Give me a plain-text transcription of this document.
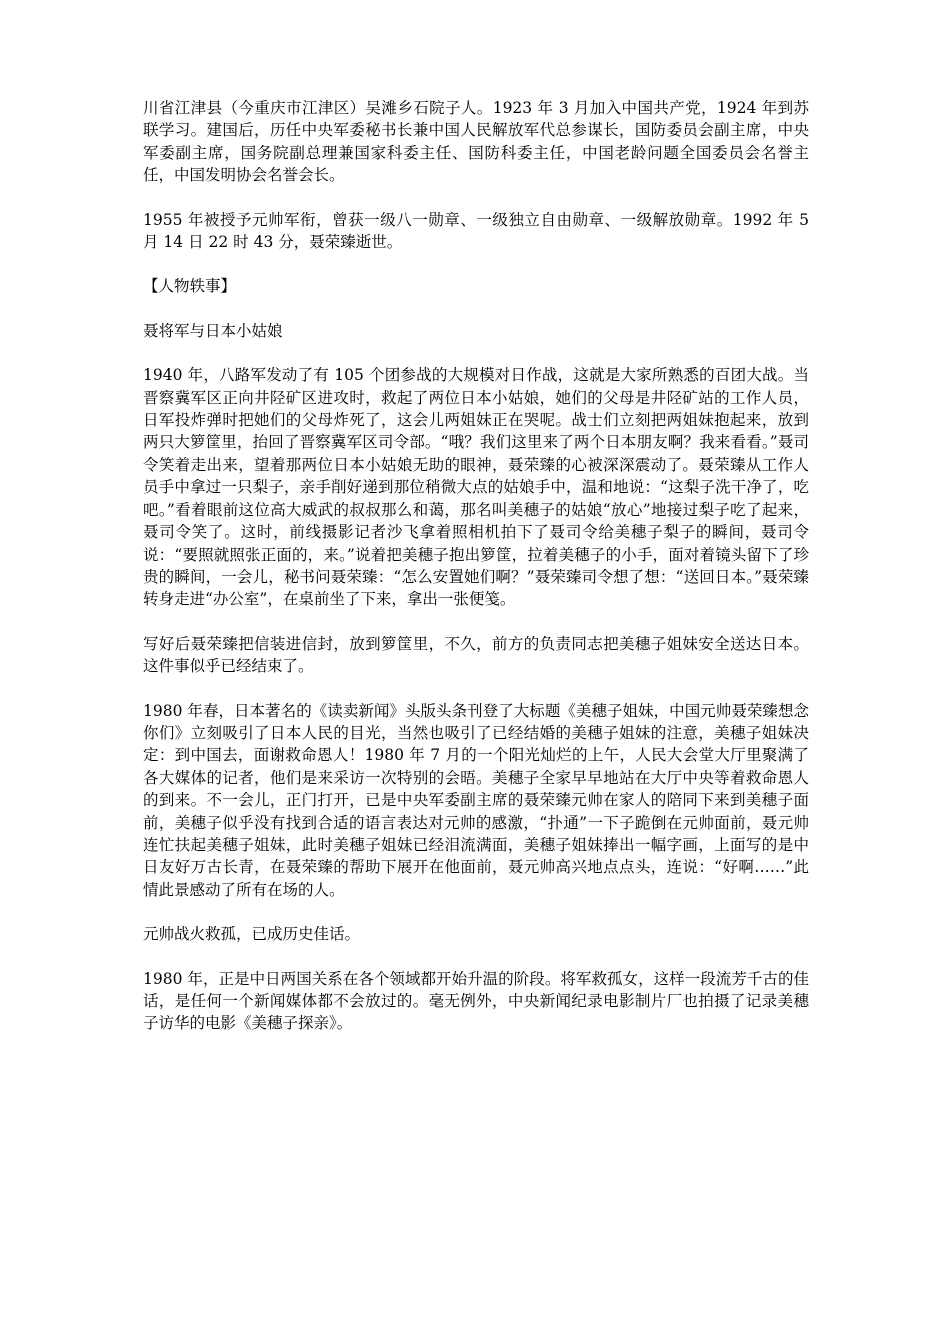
川省江津县（今重庆市江津区）吴滩乡石院子人。1923 年 3 月加入中国共产党，1924 年到苏联学习。建国后，历任中央军委秘书长兼中国人民解放军代总参谋长，国防委员会副主席，中央军委副主席，国务院副总理兼国家科委主任、国防科委主任，中国老龄问题全国委员会名誉主任，中国发明协会名誉会长。

1955 年被授予元帅军衔，曾获一级八一勋章、一级独立自由勋章、一级解放勋章。1992 年 5 月 14 日 22 时 43 分，聂荣臻逝世。

【人物轶事】

聂将军与日本小姑娘

1940 年，八路军发动了有 105 个团参战的大规模对日作战，这就是大家所熟悉的百团大战。当晋察冀军区正向井陉矿区进攻时，救起了两位日本小姑娘，她们的父母是井陉矿站的工作人员，日军投炸弹时把她们的父母炸死了，这会儿两姐妹正在哭呢。战士们立刻把两姐妹抱起来，放到两只大箩筐里，抬回了晋察冀军区司令部。“哦？我们这里来了两个日本朋友啊？我来看看。”聂司令笑着走出来，望着那两位日本小姑娘无助的眼神，聂荣臻的心被深深震动了。聂荣臻从工作人员手中拿过一只梨子，亲手削好递到那位稍微大点的姑娘手中，温和地说：“这梨子洗干净了，吃吧。”看着眼前这位高大威武的叔叔那么和蔼，那名叫美穗子的姑娘“放心”地接过梨子吃了起来，聂司令笑了。这时，前线摄影记者沙飞拿着照相机拍下了聂司令给美穗子梨子的瞬间，聂司令说：“要照就照张正面的，来。”说着把美穗子抱出箩筐，拉着美穗子的小手，面对着镜头留下了珍贵的瞬间，一会儿，秘书问聂荣臻：“怎么安置她们啊？”聂荣臻司令想了想：“送回日本。”聂荣臻转身走进“办公室”，在桌前坐了下来，拿出一张便笺。

写好后聂荣臻把信装进信封，放到箩筐里，不久，前方的负责同志把美穗子姐妹安全送达日本。这件事似乎已经结束了。

1980 年春，日本著名的《读卖新闻》头版头条刊登了大标题《美穗子姐妹，中国元帅聂荣臻想念你们》立刻吸引了日本人民的目光，当然也吸引了已经结婚的美穗子姐妹的注意，美穗子姐妹决定：到中国去，面谢救命恩人！1980 年 7 月的一个阳光灿烂的上午，人民大会堂大厅里聚满了各大媒体的记者，他们是来采访一次特别的会晤。美穗子全家早早地站在大厅中央等着救命恩人的到来。不一会儿，正门打开，已是中央军委副主席的聂荣臻元帅在家人的陪同下来到美穗子面前，美穗子似乎没有找到合适的语言表达对元帅的感激，“扑通”一下子跪倒在元帅面前，聂元帅连忙扶起美穗子姐妹，此时美穗子姐妹已经泪流满面，美穗子姐妹捧出一幅字画，上面写的是中日友好万古长青，在聂荣臻的帮助下展开在他面前，聂元帅高兴地点点头，连说：“好啊……”此情此景感动了所有在场的人。

元帅战火救孤，已成历史佳话。

1980 年，正是中日两国关系在各个领域都开始升温的阶段。将军救孤女，这样一段流芳千古的佳话，是任何一个新闻媒体都不会放过的。毫无例外，中央新闻纪录电影制片厂也拍摄了记录美穗子访华的电影《美穗子探亲》。
